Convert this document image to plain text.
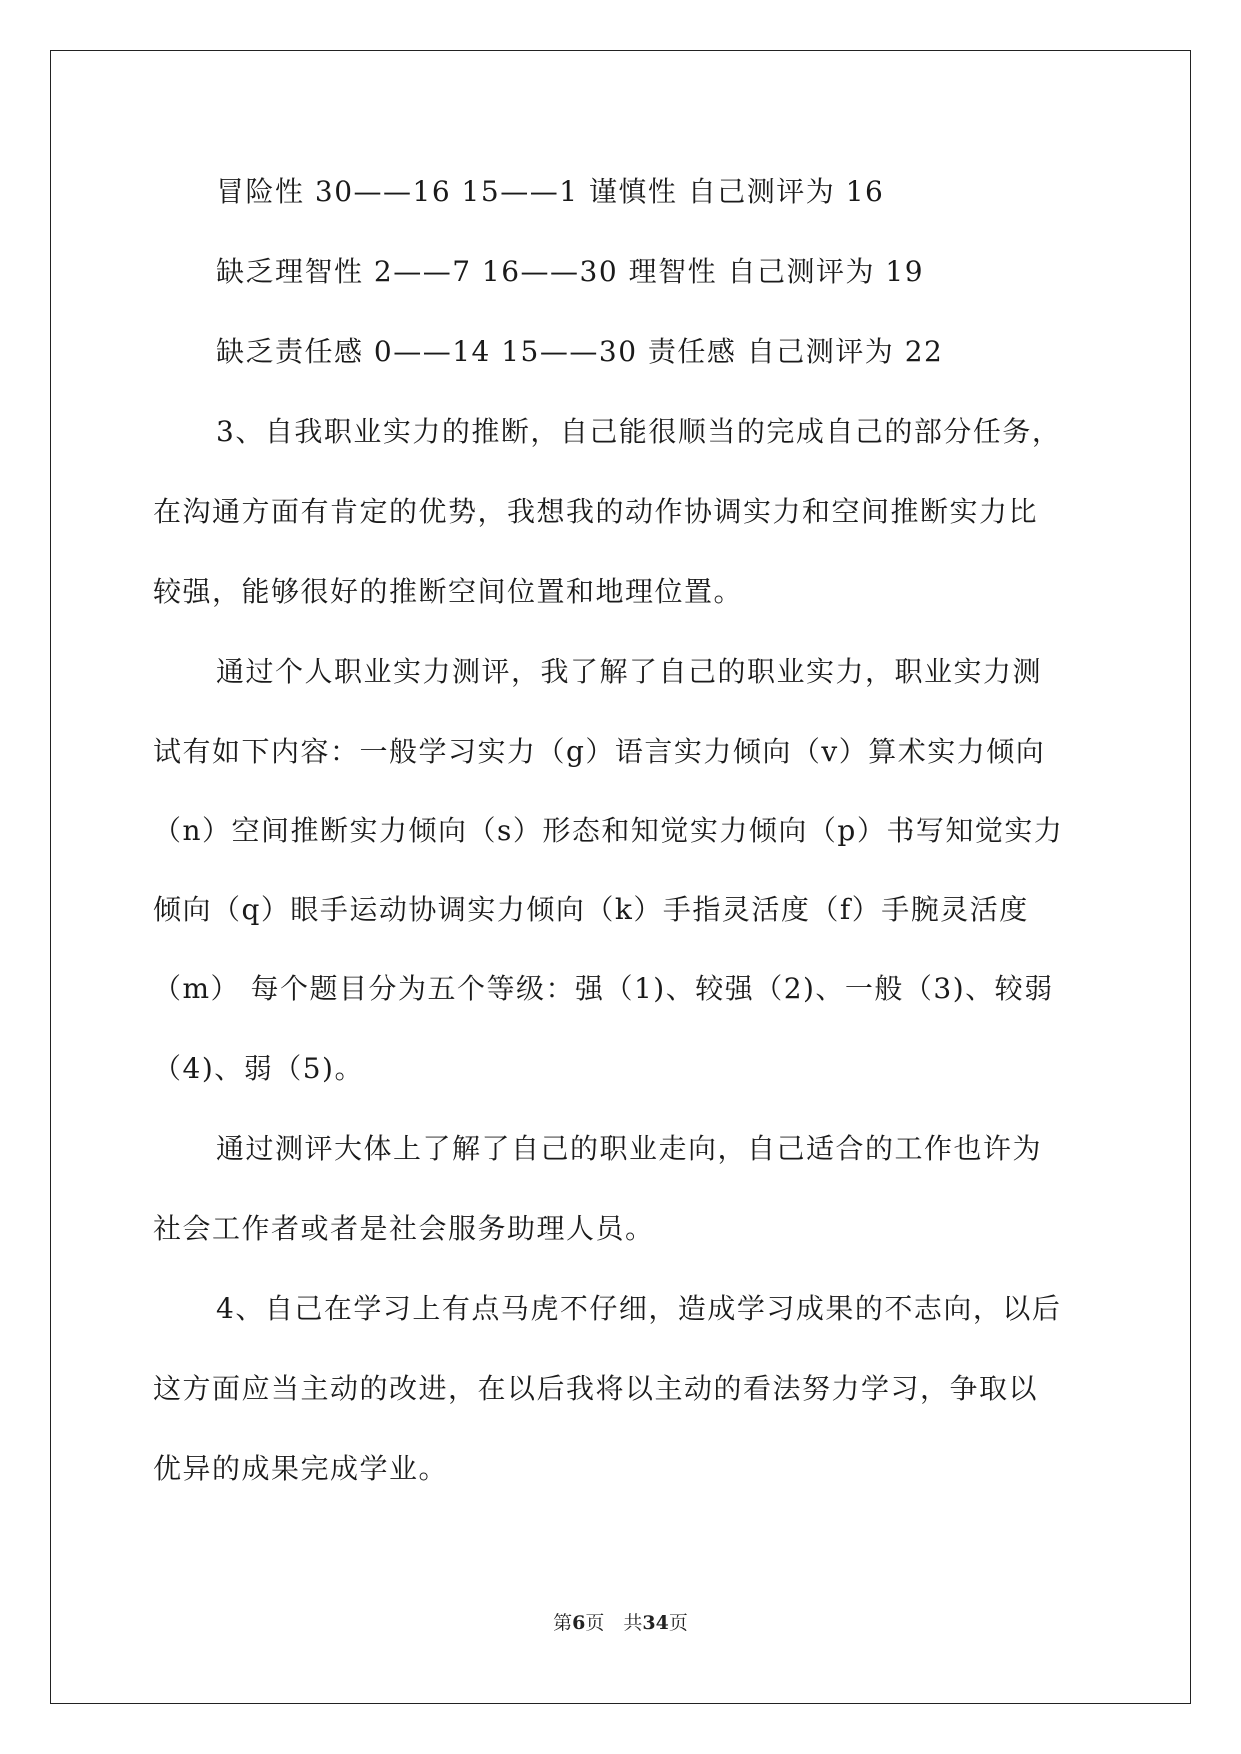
冒险性 30——16 15——1 谨慎性 自己测评为 16
缺乏理智性 2——7 16——30 理智性 自己测评为 19
缺乏责任感 0——14 15——30 责任感 自己测评为 22
3、自我职业实力的推断，自己能很顺当的完成自己的部分任务，
在沟通方面有肯定的优势，我想我的动作协调实力和空间推断实力比
较强，能够很好的推断空间位置和地理位置。
通过个人职业实力测评，我了解了自己的职业实力，职业实力测
试有如下内容：一般学习实力（g）语言实力倾向（v）算术实力倾向
（n）空间推断实力倾向（s）形态和知觉实力倾向（p）书写知觉实力
倾向（q）眼手运动协调实力倾向（k）手指灵活度（f）手腕灵活度
（m） 每个题目分为五个等级：强（1)、较强（2)、一般（3)、较弱
（4)、弱（5)。
通过测评大体上了解了自己的职业走向，自己适合的工作也许为
社会工作者或者是社会服务助理人员。
4、自己在学习上有点马虎不仔细，造成学习成果的不志向，以后
这方面应当主动的改进，在以后我将以主动的看法努力学习，争取以
优异的成果完成学业。
第6页　共34页
